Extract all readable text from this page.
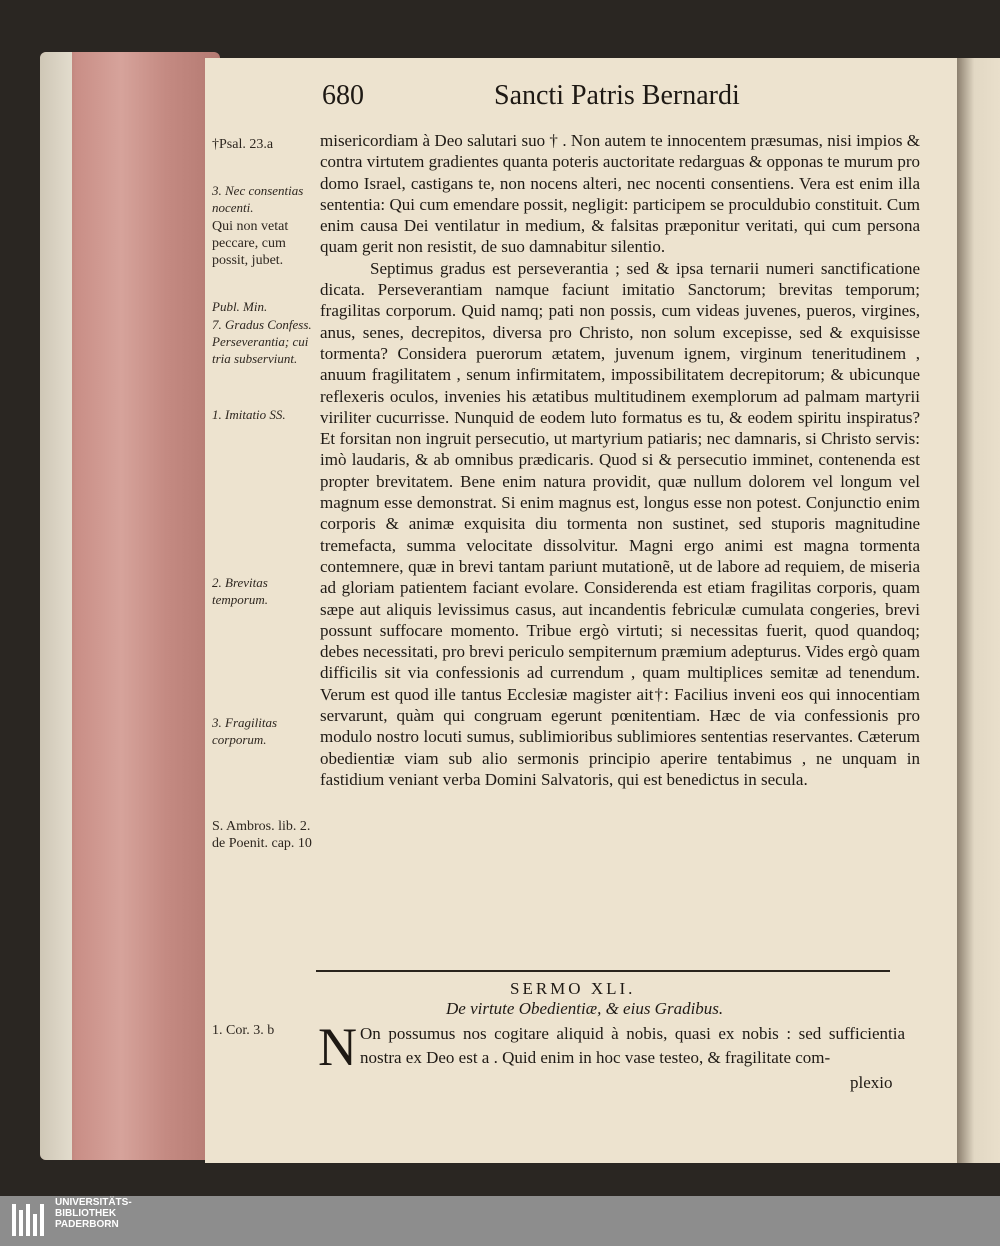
680	Sancti Patris Bernardi
†Psal. 23.a
3. Nec consentias nocenti.
Qui non vetat peccare, cum possit, jubet.
Publ. Min.
7. Gradus Confess. Perseverantia; cui tria subserviunt.
1. Imitatio SS.
2. Brevitas temporum.
3. Fragilitas corporum.
S. Ambros. lib. 2. de Poenit. cap. 10
1. Cor. 3. b

misericordiam à Deo salutari suo † . Non autem te innocentem præsumas, nisi impios & contra virtutem gradientes quanta poteris auctoritate redarguas & opponas te murum pro domo Israel, castigans te, non nocens alteri, nec nocenti consentiens. Vera est enim illa sententia: Qui cum emendare possit, negligit: participem se proculdubio constituit. Cum enim causa Dei ventilatur in medium, & falsitas præponitur veritati, qui cum persona quam gerit non resistit, de suo damnabitur silentio.

Septimus gradus est perseverantia ; sed & ipsa ternarii numeri sanctificatione dicata. Perseverantiam namque faciunt imitatio Sanctorum; brevitas temporum; fragilitas corporum. Quid namq; pati non possis, cum videas juvenes, pueros, virgines, anus, senes, decrepitos, diversa pro Christo, non solum excepisse, sed & exquisisse tormenta? Considera puerorum ætatem, juvenum ignem, virginum teneritudinem , anuum fragilitatem , senum infirmitatem, impossibilitatem decrepitorum; & ubicunque reflexeris oculos, invenies his ætatibus multitudinem exemplorum ad palmam martyrii viriliter cucurrisse. Nunquid de eodem luto formatus es tu, & eodem spiritu inspiratus? Et forsitan non ingruit persecutio, ut martyrium patiaris; nec damnaris, si Christo servis: imò laudaris, & ab omnibus prædicaris. Quod si & persecutio imminet, contenenda est propter brevitatem. Bene enim natura providit, quæ nullum dolorem vel longum vel magnum esse demonstrat. Si enim magnus est, longus esse non potest. Conjunctio enim corporis & animæ exquisita diu tormenta non sustinet, sed stuporis magnitudine tremefacta, summa velocitate dissolvitur. Magni ergo animi est magna tormenta contemnere, quæ in brevi tantam pariunt mutationẽ, ut de labore ad requiem, de miseria ad gloriam patientem faciant evolare. Considerenda est etiam fragilitas corporis, quam sæpe aut aliquis levissimus casus, aut incandentis febriculæ cumulata congeries, brevi possunt suffocare momento. Tribue ergò virtuti; si necessitas fuerit, quod quandoq; debes necessitati, pro brevi periculo sempiternum præmium adepturus. Vides ergò quam difficilis sit via confessionis ad currendum , quam multiplices semitæ ad tenendum. Verum est quod ille tantus Ecclesiæ magister ait†: Facilius inveni eos qui innocentiam servarunt, quàm qui congruam egerunt pœnitentiam. Hæc de via confessionis pro modulo nostro locuti sumus, sublimioribus sublimiores sententias reservantes. Cæterum obedientiæ viam sub alio sermonis principio aperire tentabimus , ne unquam in fastidium veniant verba Domini Salvatoris, qui est benedictus in secula.

SERMO XLI.
De virtute Obedientiæ, & eius Gradibus.
N On possumus nos cogitare aliquid à nobis, quasi ex nobis : sed sufficientia nostra ex Deo est a . Quid enim in hoc vase testeo, & fragilitate com-

plexio
UNIVERSITÄTS-
BIBLIOTHEK
PADERBORN
